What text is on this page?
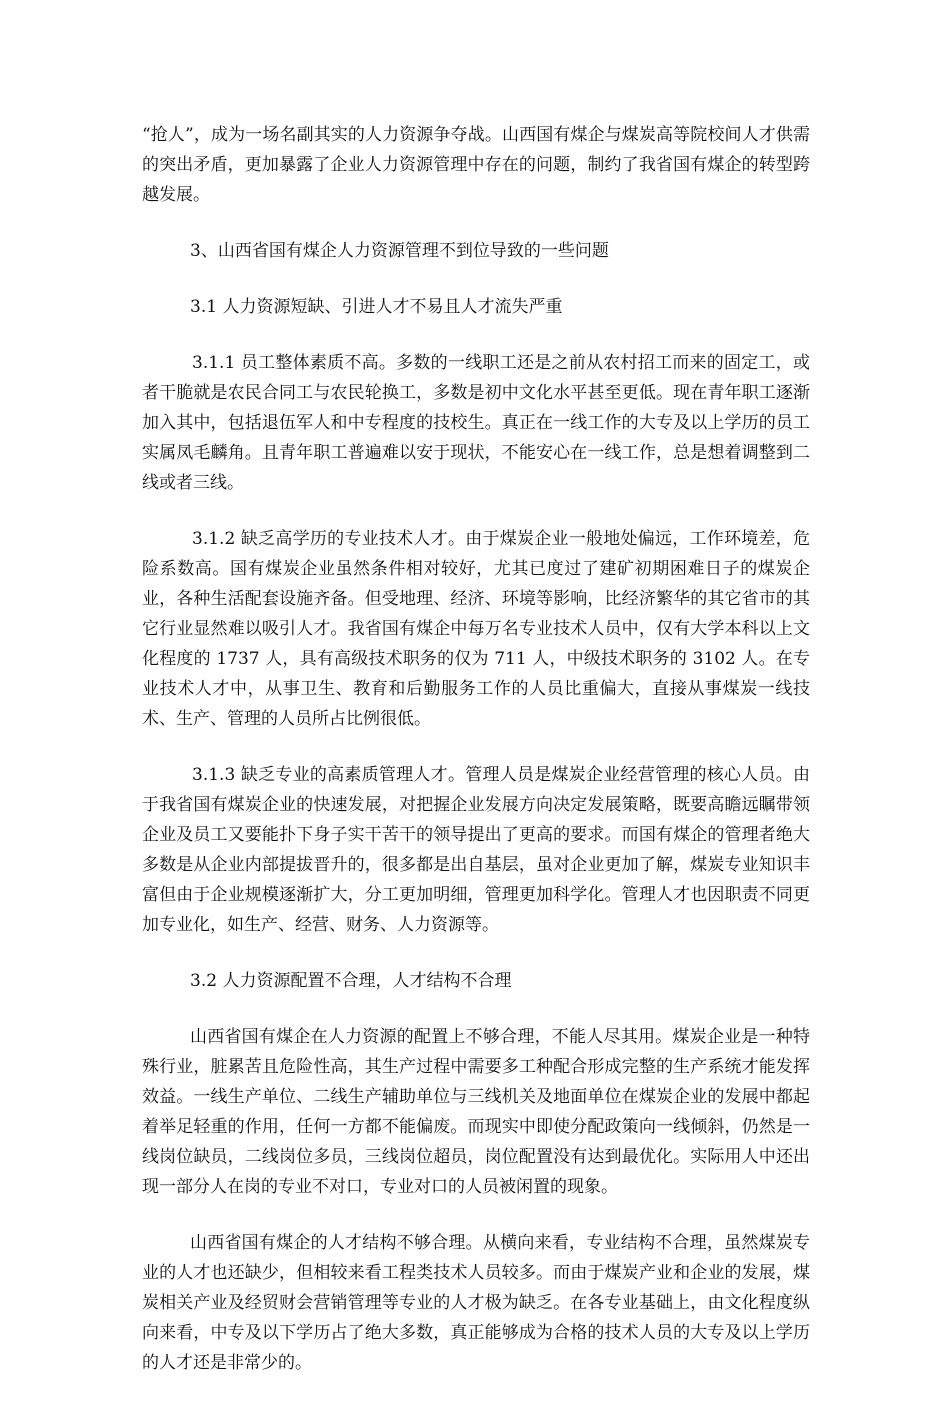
“抢人”，成为一场名副其实的人力资源争夺战。山西国有煤企与煤炭高等院校间人才供需的突出矛盾，更加暴露了企业人力资源管理中存在的问题，制约了我省国有煤企的转型跨越发展。

3、山西省国有煤企人力资源管理不到位导致的一些问题

3.1 人力资源短缺、引进人才不易且人才流失严重

3.1.1 员工整体素质不高。多数的一线职工还是之前从农村招工而来的固定工，或者干脆就是农民合同工与农民轮换工，多数是初中文化水平甚至更低。现在青年职工逐渐加入其中，包括退伍军人和中专程度的技校生。真正在一线工作的大专及以上学历的员工实属凤毛麟角。且青年职工普遍难以安于现状，不能安心在一线工作，总是想着调整到二线或者三线。

3.1.2 缺乏高学历的专业技术人才。由于煤炭企业一般地处偏远，工作环境差，危险系数高。国有煤炭企业虽然条件相对较好，尤其已度过了建矿初期困难日子的煤炭企业，各种生活配套设施齐备。但受地理、经济、环境等影响，比经济繁华的其它省市的其它行业显然难以吸引人才。我省国有煤企中每万名专业技术人员中，仅有大学本科以上文化程度的 1737 人，具有高级技术职务的仅为 711 人，中级技术职务的 3102 人。在专业技术人才中，从事卫生、教育和后勤服务工作的人员比重偏大，直接从事煤炭一线技术、生产、管理的人员所占比例很低。

3.1.3 缺乏专业的高素质管理人才。管理人员是煤炭企业经营管理的核心人员。由于我省国有煤炭企业的快速发展，对把握企业发展方向决定发展策略，既要高瞻远瞩带领企业及员工又要能扑下身子实干苦干的领导提出了更高的要求。而国有煤企的管理者绝大多数是从企业内部提拔晋升的，很多都是出自基层，虽对企业更加了解，煤炭专业知识丰富但由于企业规模逐渐扩大，分工更加明细，管理更加科学化。管理人才也因职责不同更加专业化，如生产、经营、财务、人力资源等。

3.2 人力资源配置不合理，人才结构不合理

山西省国有煤企在人力资源的配置上不够合理，不能人尽其用。煤炭企业是一种特殊行业，脏累苦且危险性高，其生产过程中需要多工种配合形成完整的生产系统才能发挥效益。一线生产单位、二线生产辅助单位与三线机关及地面单位在煤炭企业的发展中都起着举足轻重的作用，任何一方都不能偏废。而现实中即使分配政策向一线倾斜，仍然是一线岗位缺员，二线岗位多员，三线岗位超员，岗位配置没有达到最优化。实际用人中还出现一部分人在岗的专业不对口，专业对口的人员被闲置的现象。

山西省国有煤企的人才结构不够合理。从横向来看，专业结构不合理，虽然煤炭专业的人才也还缺少，但相较来看工程类技术人员较多。而由于煤炭产业和企业的发展，煤炭相关产业及经贸财会营销管理等专业的人才极为缺乏。在各专业基础上，由文化程度纵向来看，中专及以下学历占了绝大多数，真正能够成为合格的技术人员的大专及以上学历的人才还是非常少的。
